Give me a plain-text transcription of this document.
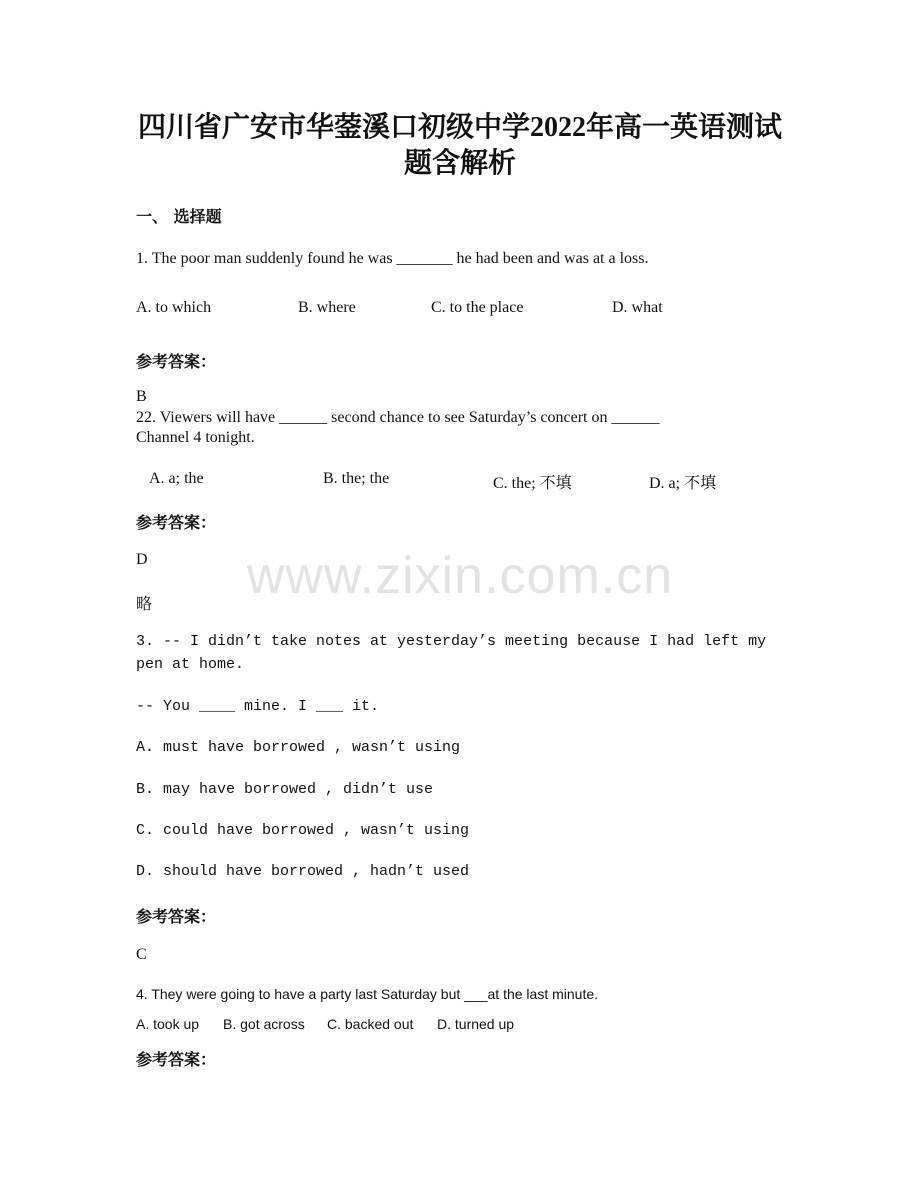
www.zixin.com.cn
四川省广安市华蓥溪口初级中学2022年高一英语测试
题含解析
一、 选择题
1. The poor man suddenly found he was _______ he had been and was at a loss.
A. to which	B. where	C. to the place	D. what
参考答案：
B
22. Viewers will have ______ second chance to see Saturday’s concert on ______
Channel 4 tonight.
A. a; the	B. the; the	C. the; 不填	D. a; 不填
参考答案：
D
略
3. -- I didn’t take notes at yesterday’s meeting because I had left my
pen at home.
-- You ____ mine. I ___ it.
A. must have borrowed , wasn’t using
B. may have borrowed , didn’t use
C. could have borrowed , wasn’t using
D. should have borrowed , hadn’t used
参考答案：
C
4. They were going to have a party last Saturday but ___at the last minute.
A. took up B. got across C. backed out D. turned up
参考答案：
